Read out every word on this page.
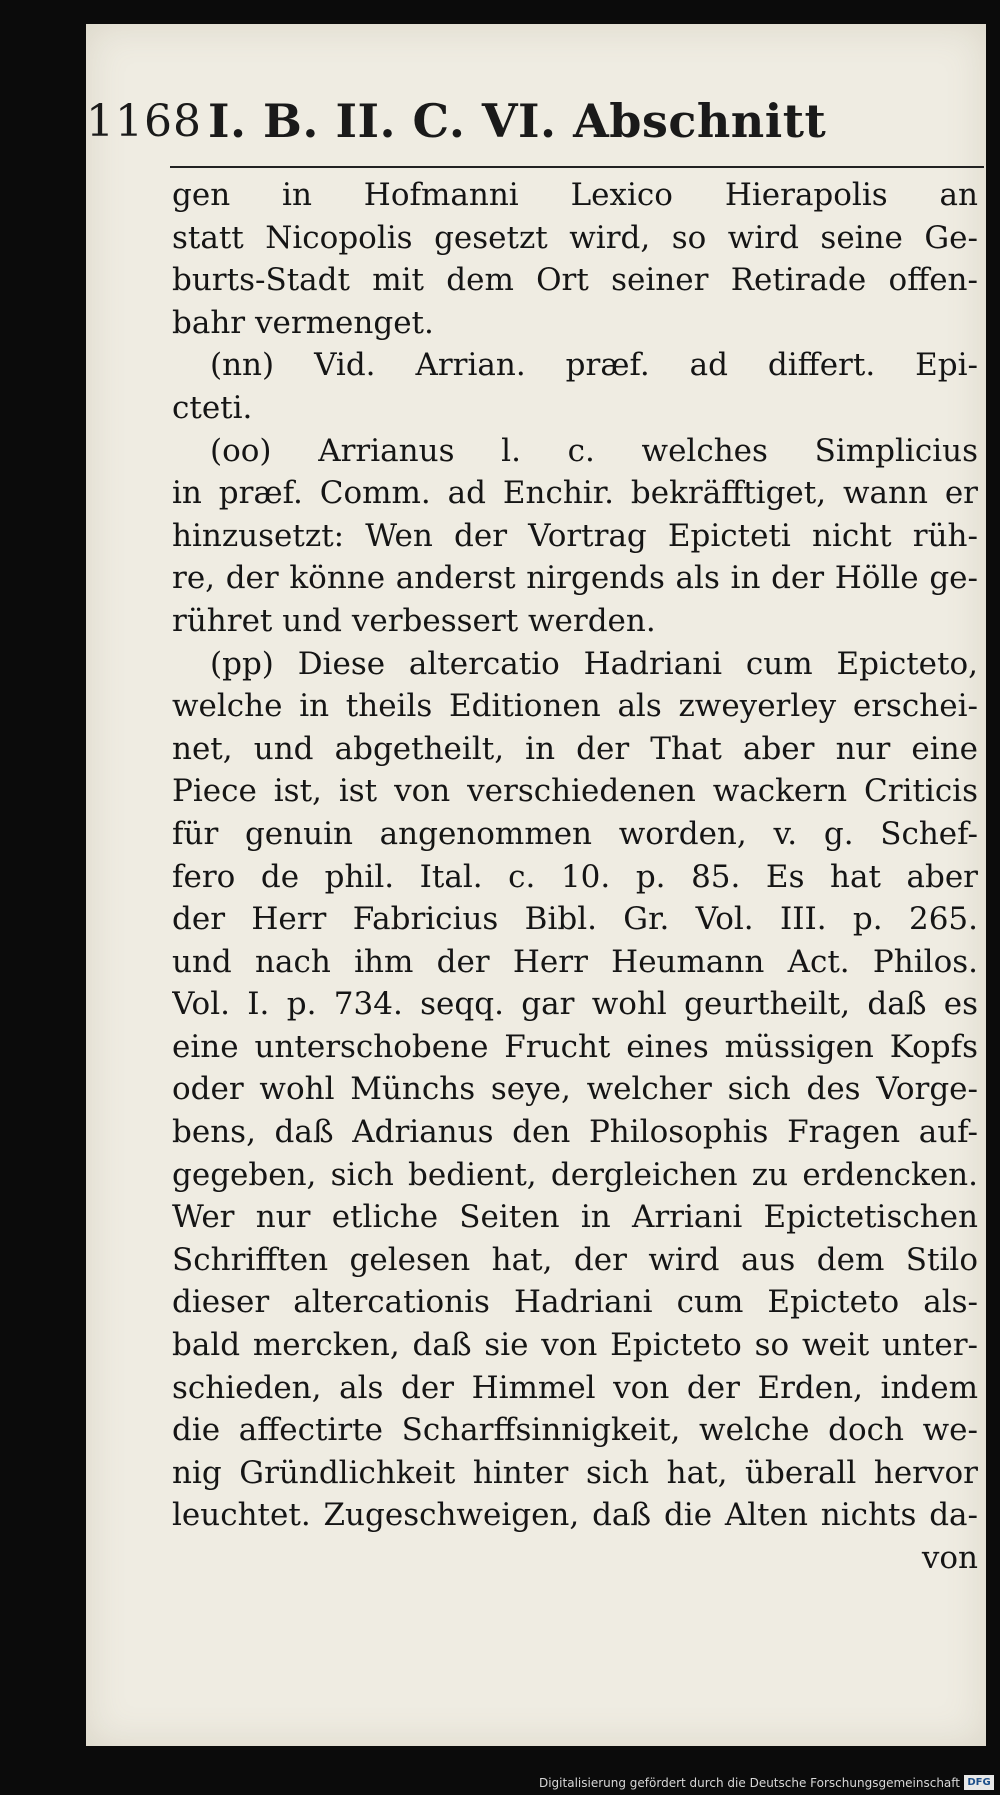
1168 I. B. II. C. VI. Abschnitt
gen in Hofmanni Lexico Hierapolis an
statt Nicopolis gesetzt wird, so wird seine Ge-
burts-Stadt mit dem Ort seiner Retirade offen-
bahr vermenget.
(nn) Vid. Arrian. præf. ad differt. Epi-
cteti.
(oo) Arrianus l. c. welches Simplicius
in præf. Comm. ad Enchir. bekräfftiget, wann er
hinzusetzt: Wen der Vortrag Epicteti nicht rüh-
re, der könne anderst nirgends als in der Hölle ge-
rühret und verbessert werden.
(pp) Diese altercatio Hadriani cum Epicteto,
welche in theils Editionen als zweyerley erschei-
net, und abgetheilt, in der That aber nur eine
Piece ist, ist von verschiedenen wackern Criticis
für genuin angenommen worden, v. g. Schef-
fero de phil. Ital. c. 10. p. 85. Es hat aber
der Herr Fabricius Bibl. Gr. Vol. III. p. 265.
und nach ihm der Herr Heumann Act. Philos.
Vol. I. p. 734. seqq. gar wohl geurtheilt, daß es
eine unterschobene Frucht eines müssigen Kopfs
oder wohl Münchs seye, welcher sich des Vorge-
bens, daß Adrianus den Philosophis Fragen auf-
gegeben, sich bedient, dergleichen zu erdencken.
Wer nur etliche Seiten in Arriani Epictetischen
Schrifften gelesen hat, der wird aus dem Stilo
dieser altercationis Hadriani cum Epicteto als-
bald mercken, daß sie von Epicteto so weit unter-
schieden, als der Himmel von der Erden, indem
die affectirte Scharffsinnigkeit, welche doch we-
nig Gründlichkeit hinter sich hat, überall hervor
leuchtet. Zugeschweigen, daß die Alten nichts da-
von
Digitalisierung gefördert durch die Deutsche Forschungsgemeinschaft DFG
